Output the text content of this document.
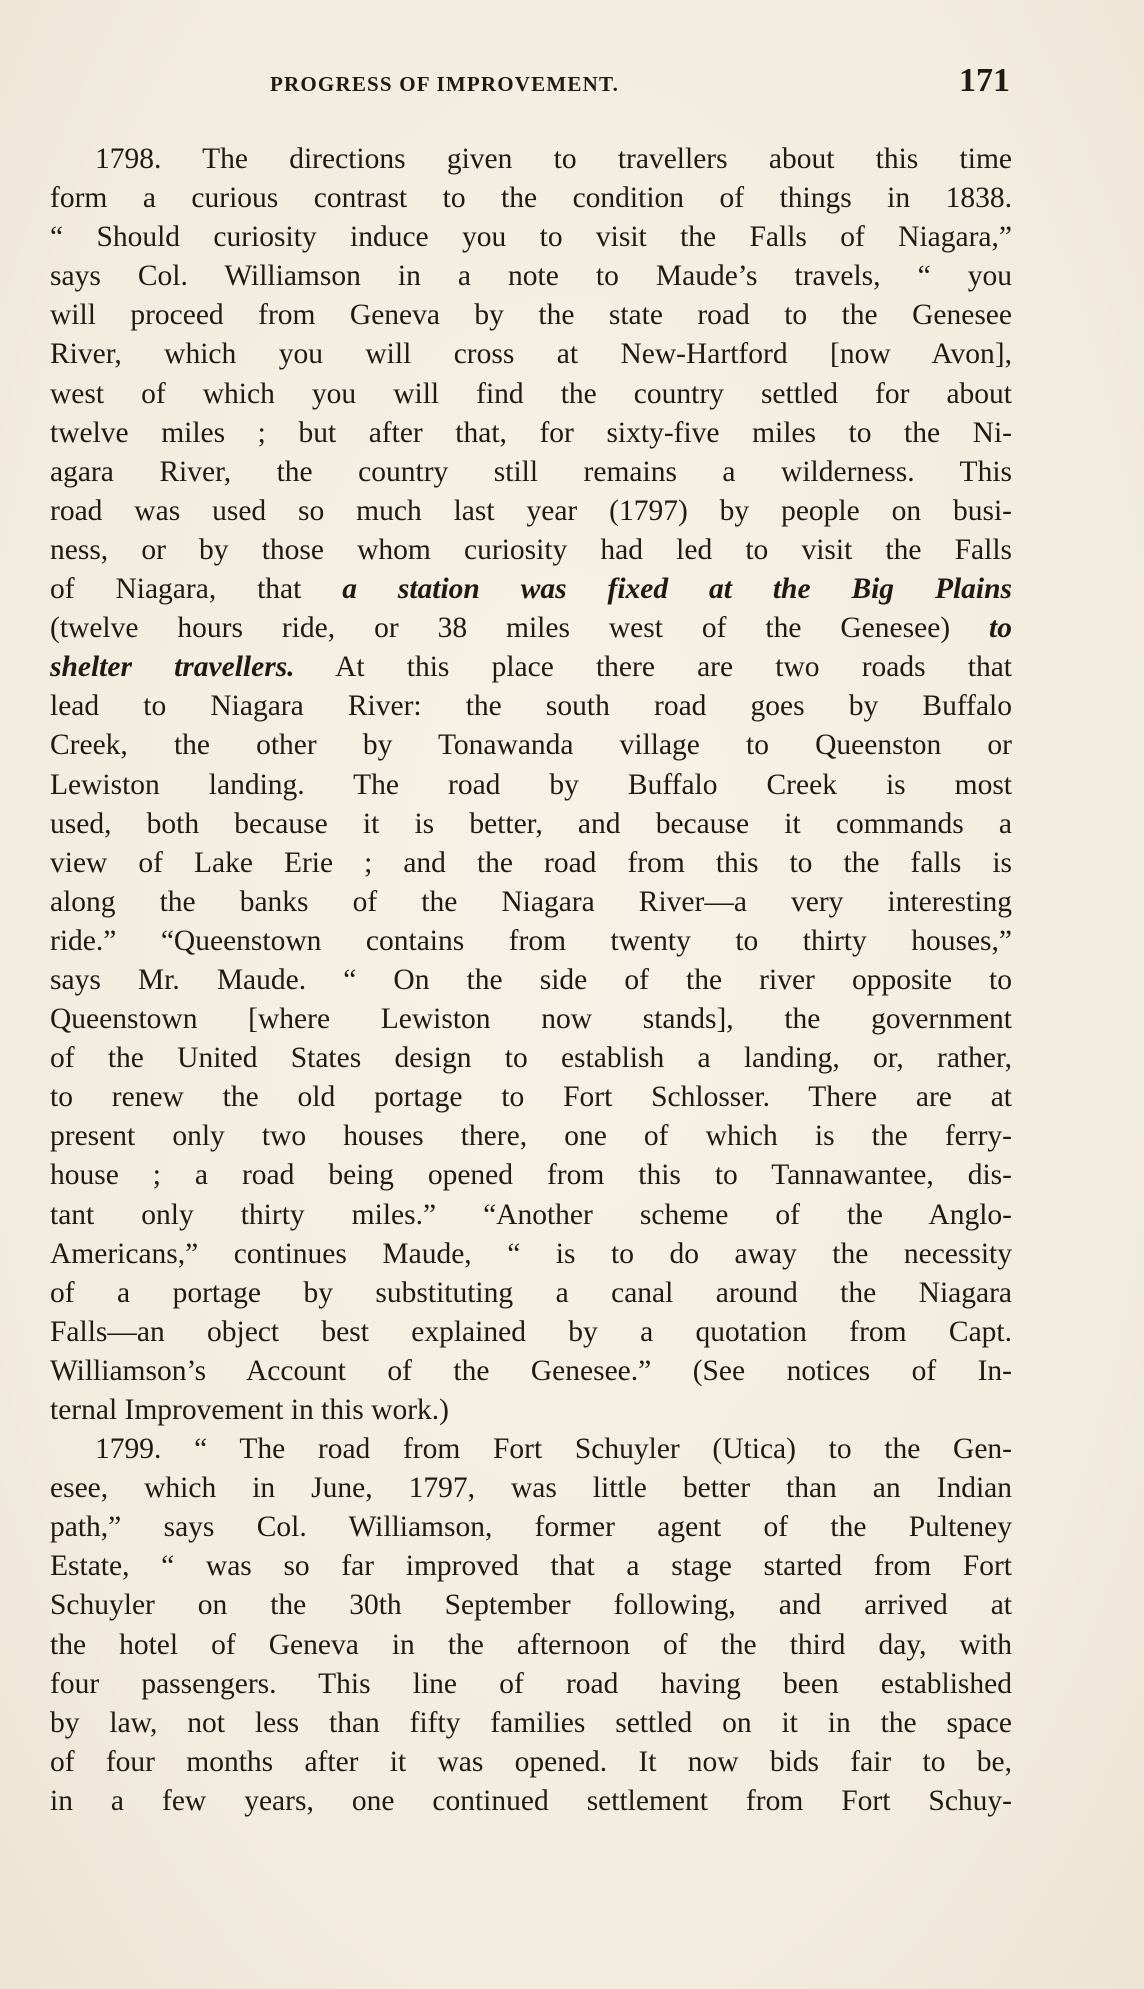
PROGRESS OF IMPROVEMENT.	171
1798. The directions given to travellers about this time
form a curious contrast to the condition of things in 1838.
“ Should curiosity induce you to visit the Falls of Niagara,”
says Col. Williamson in a note to Maude’s travels, “ you
will proceed from Geneva by the state road to the Genesee
River, which you will cross at New-Hartford [now Avon],
west of which you will find the country settled for about
twelve miles ; but after that, for sixty-five miles to the Ni-
agara River, the country still remains a wilderness. This
road was used so much last year (1797) by people on busi-
ness, or by those whom curiosity had led to visit the Falls
of Niagara, that a station was fixed at the Big Plains
(twelve hours ride, or 38 miles west of the Genesee) to
shelter travellers. At this place there are two roads that
lead to Niagara River: the south road goes by Buffalo
Creek, the other by Tonawanda village to Queenston or
Lewiston landing. The road by Buffalo Creek is most
used, both because it is better, and because it commands a
view of Lake Erie ; and the road from this to the falls is
along the banks of the Niagara River—a very interesting
ride.” “Queenstown contains from twenty to thirty houses,”
says Mr. Maude. “ On the side of the river opposite to
Queenstown [where Lewiston now stands], the government
of the United States design to establish a landing, or, rather,
to renew the old portage to Fort Schlosser. There are at
present only two houses there, one of which is the ferry-
house ; a road being opened from this to Tannawantee, dis-
tant only thirty miles.” “Another scheme of the Anglo-
Americans,” continues Maude, “ is to do away the necessity
of a portage by substituting a canal around the Niagara
Falls—an object best explained by a quotation from Capt.
Williamson’s Account of the Genesee.” (See notices of In-
ternal Improvement in this work.)
1799. “ The road from Fort Schuyler (Utica) to the Gen-
esee, which in June, 1797, was little better than an Indian
path,” says Col. Williamson, former agent of the Pulteney
Estate, “ was so far improved that a stage started from Fort
Schuyler on the 30th September following, and arrived at
the hotel of Geneva in the afternoon of the third day, with
four passengers. This line of road having been established
by law, not less than fifty families settled on it in the space
of four months after it was opened. It now bids fair to be,
in a few years, one continued settlement from Fort Schuy-
